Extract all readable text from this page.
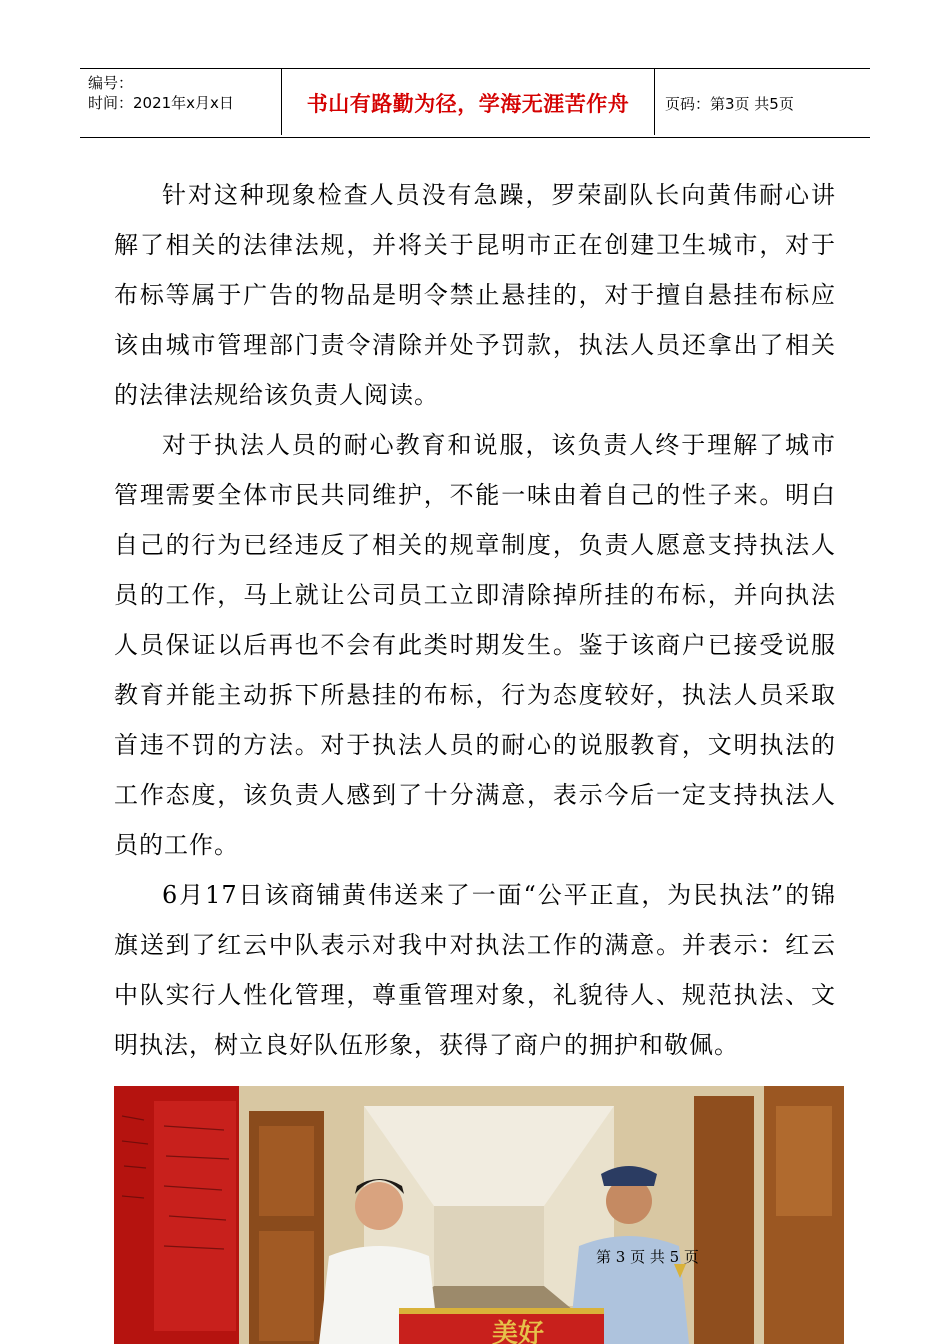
编号：
时间：2021年x月x日	书山有路勤为径，学海无涯苦作舟	页码：第3页 共5页

针对这种现象检查人员没有急躁，罗荣副队长向黄伟耐心讲解了相关的法律法规，并将关于昆明市正在创建卫生城市，对于布标等属于广告的物品是明令禁止悬挂的，对于擅自悬挂布标应该由城市管理部门责令清除并处予罚款，执法人员还拿出了相关的法律法规给该负责人阅读。

对于执法人员的耐心教育和说服，该负责人终于理解了城市管理需要全体市民共同维护，不能一味由着自己的性子来。明白自己的行为已经违反了相关的规章制度，负责人愿意支持执法人员的工作，马上就让公司员工立即清除掉所挂的布标，并向执法人员保证以后再也不会有此类时期发生。鉴于该商户已接受说服教育并能主动拆下所悬挂的布标，行为态度较好，执法人员采取首违不罚的方法。对于执法人员的耐心的说服教育，文明执法的工作态度，该负责人感到了十分满意，表示今后一定支持执法人员的工作。

6月17日该商铺黄伟送来了一面“公平正直，为民执法”的锦旗送到了红云中队表示对我中对执法工作的满意。并表示：红云中队实行人性化管理，尊重管理对象，礼貌待人、规范执法、文明执法，树立良好队伍形象，获得了商户的拥护和敬佩。

美好
第 3 页 共 5 页
